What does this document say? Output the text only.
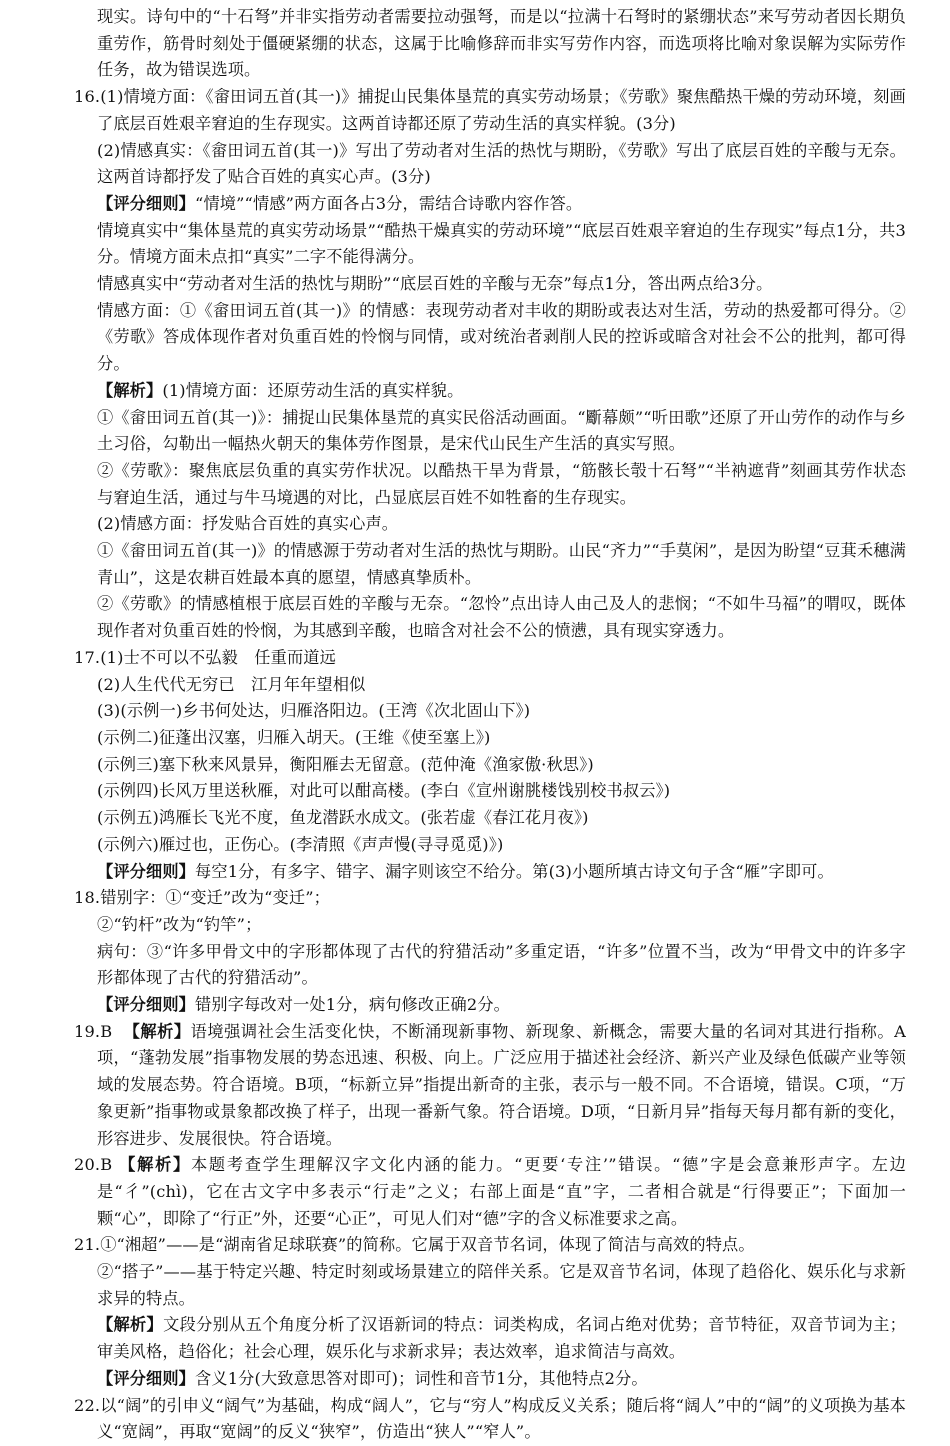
现实。诗句中的“十石弩”并非实指劳动者需要拉动强弩，而是以“拉满十石弩时的紧绷状态”来写劳动者因长期负重劳作，筋骨时刻处于僵硬紧绷的状态，这属于比喻修辞而非实写劳作内容，而选项将比喻对象误解为实际劳作任务，故为错误选项。

16.(1)情境方面：《畲田词五首(其一)》捕捉山民集体垦荒的真实劳动场景；《劳歌》聚焦酷热干燥的劳动环境，刻画了底层百姓艰辛窘迫的生存现实。这两首诗都还原了劳动生活的真实样貌。(3分)

(2)情感真实：《畲田词五首(其一)》写出了劳动者对生活的热忱与期盼，《劳歌》写出了底层百姓的辛酸与无奈。这两首诗都抒发了贴合百姓的真实心声。(3分)

【评分细则】“情境”“情感”两方面各占3分，需结合诗歌内容作答。

情境真实中“集体垦荒的真实劳动场景”“酷热干燥真实的劳动环境”“底层百姓艰辛窘迫的生存现实”每点1分，共3分。情境方面未点扣“真实”二字不能得满分。

情感真实中“劳动者对生活的热忱与期盼”“底层百姓的辛酸与无奈”每点1分，答出两点给3分。

情感方面：①《畲田词五首(其一)》的情感：表现劳动者对丰收的期盼或表达对生活，劳动的热爱都可得分。②《劳歌》答成体现作者对负重百姓的怜悯与同情，或对统治者剥削人民的控诉或暗含对社会不公的批判，都可得分。

【解析】(1)情境方面：还原劳动生活的真实样貌。

①《畲田词五首(其一)》：捕捉山民集体垦荒的真实民俗活动画面。“斸幕颇”“听田歌”还原了开山劳作的动作与乡土习俗，勾勒出一幅热火朝天的集体劳作图景，是宋代山民生产生活的真实写照。

②《劳歌》：聚焦底层负重的真实劳作状况。以酷热干旱为背景，“筋骸长彀十石弩”“半衲遮背”刻画其劳作状态与窘迫生活，通过与牛马境遇的对比，凸显底层百姓不如牲畜的生存现实。

(2)情感方面：抒发贴合百姓的真实心声。

①《畲田词五首(其一)》的情感源于劳动者对生活的热忱与期盼。山民“齐力”“手莫闲”，是因为盼望“豆萁禾穗满青山”，这是农耕百姓最本真的愿望，情感真挚质朴。

②《劳歌》的情感植根于底层百姓的辛酸与无奈。“忽怜”点出诗人由己及人的悲悯；“不如牛马福”的喟叹，既体现作者对负重百姓的怜悯，为其感到辛酸，也暗含对社会不公的愤懑，具有现实穿透力。

17.(1)士不可以不弘毅　任重而道远

(2)人生代代无穷已　江月年年望相似

(3)(示例一)乡书何处达，归雁洛阳边。(王湾《次北固山下》)

(示例二)征蓬出汉塞，归雁入胡天。(王维《使至塞上》)

(示例三)塞下秋来风景异，衡阳雁去无留意。(范仲淹《渔家傲·秋思》)

(示例四)长风万里送秋雁，对此可以酣高楼。(李白《宣州谢朓楼饯别校书叔云》)

(示例五)鸿雁长飞光不度，鱼龙潜跃水成文。(张若虚《春江花月夜》)

(示例六)雁过也，正伤心。(李清照《声声慢(寻寻觅觅)》)

【评分细则】每空1分，有多字、错字、漏字则该空不给分。第(3)小题所填古诗文句子含“雁”字即可。

18.错别字：①“变迁”改为“变迁”；

②“钓杆”改为“钓竿”；

病句：③“许多甲骨文中的字形都体现了古代的狩猎活动”多重定语，“许多”位置不当，改为“甲骨文中的许多字形都体现了古代的狩猎活动”。

【评分细则】错别字每改对一处1分，病句修改正确2分。

19.B 【解析】语境强调社会生活变化快，不断涌现新事物、新现象、新概念，需要大量的名词对其进行指称。A项，“蓬勃发展”指事物发展的势态迅速、积极、向上。广泛应用于描述社会经济、新兴产业及绿色低碳产业等领域的发展态势。符合语境。B项，“标新立异”指提出新奇的主张，表示与一般不同。不合语境，错误。C项，“万象更新”指事物或景象都改换了样子，出现一番新气象。符合语境。D项，“日新月异”指每天每月都有新的变化，形容进步、发展很快。符合语境。

20.B 【解析】本题考查学生理解汉字文化内涵的能力。“更要‘专注’”错误。“德”字是会意兼形声字。左边是“彳”(chì)，它在古文字中多表示“行走”之义；右部上面是“直”字，二者相合就是“行得要正”；下面加一颗“心”，即除了“行正”外，还要“心正”，可见人们对“德”字的含义标准要求之高。

21.①“湘超”——是“湖南省足球联赛”的简称。它属于双音节名词，体现了简洁与高效的特点。

②“搭子”——基于特定兴趣、特定时刻或场景建立的陪伴关系。它是双音节名词，体现了趋俗化、娱乐化与求新求异的特点。

【解析】文段分别从五个角度分析了汉语新词的特点：词类构成，名词占绝对优势；音节特征，双音节词为主；审美风格，趋俗化；社会心理，娱乐化与求新求异；表达效率，追求简洁与高效。

【评分细则】含义1分(大致意思答对即可)；词性和音节1分，其他特点2分。

22.以“阔”的引申义“阔气”为基础，构成“阔人”，它与“穷人”构成反义关系；随后将“阔人”中的“阔”的义项换为基本义“宽阔”，再取“宽阔”的反义“狭窄”，仿造出“狭人”“窄人”。
